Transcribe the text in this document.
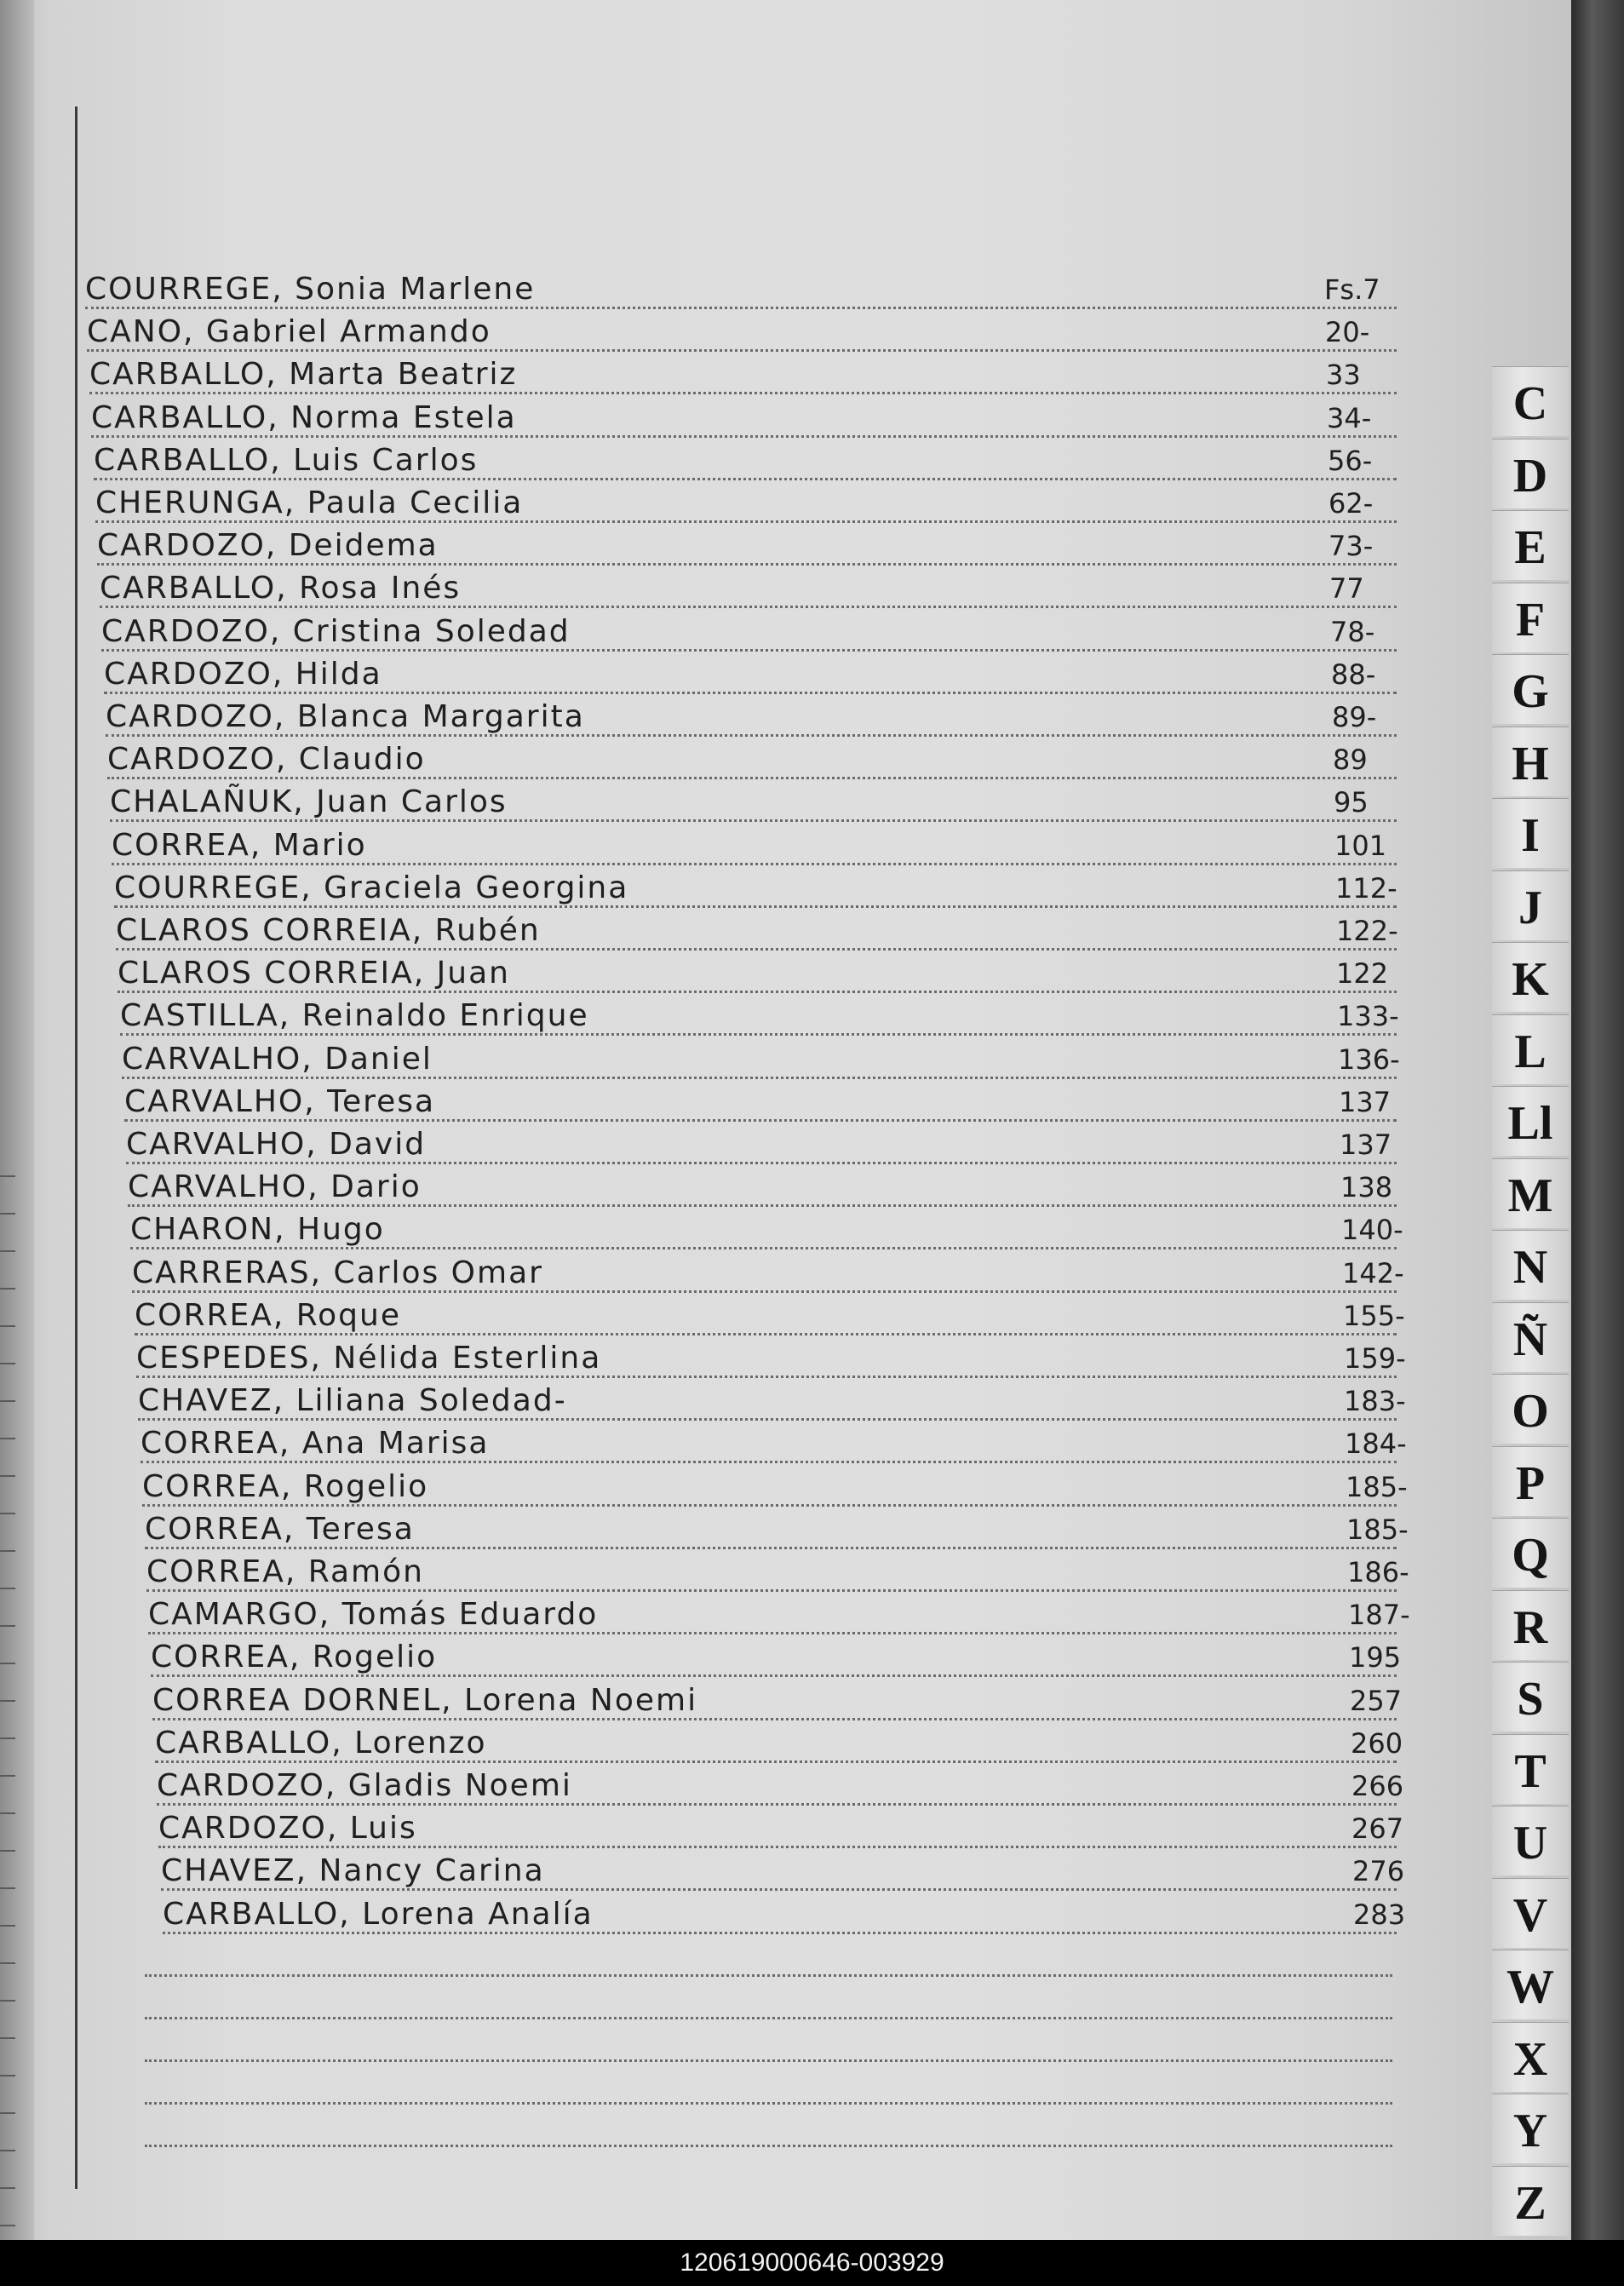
COURREGE, Sonia Marlene	Fs.7
CANO, Gabriel Armando	20-
CARBALLO, Marta Beatriz	33
CARBALLO, Norma Estela	34-
CARBALLO, Luis Carlos	56-
CHERUNGA, Paula Cecilia	62-
CARDOZO, Deidema	73-
CARBALLO, Rosa Inés	77
CARDOZO, Cristina Soledad	78-
CARDOZO, Hilda	88-
CARDOZO, Blanca Margarita	89-
CARDOZO, Claudio	89
CHALAÑUK, Juan Carlos	95
CORREA, Mario	101
COURREGE, Graciela Georgina	112-
CLAROS CORREIA, Rubén	122-
CLAROS CORREIA, Juan	122
CASTILLA, Reinaldo Enrique	133-
CARVALHO, Daniel	136-
CARVALHO, Teresa	137
CARVALHO, David	137
CARVALHO, Dario	138
CHARON, Hugo	140-
CARRERAS, Carlos Omar	142-
CORREA, Roque	155-
CESPEDES, Nélida Esterlina	159-
CHAVEZ, Liliana Soledad-	183-
CORREA, Ana Marisa	184-
CORREA, Rogelio	185-
CORREA, Teresa	185-
CORREA, Ramón	186-
CAMARGO, Tomás Eduardo	187-
CORREA, Rogelio	195
CORREA DORNEL, Lorena Noemi	257
CARBALLO, Lorenzo	260
CARDOZO, Gladis Noemi	266
CARDOZO, Luis	267
CHAVEZ, Nancy Carina	276
CARBALLO, Lorena Analía	283
C
D
E
F
G
H
I
J
K
L
Ll
M
N
Ñ
O
P
Q
R
S
T
U
V
W
X
Y
Z
120619000646-003929
